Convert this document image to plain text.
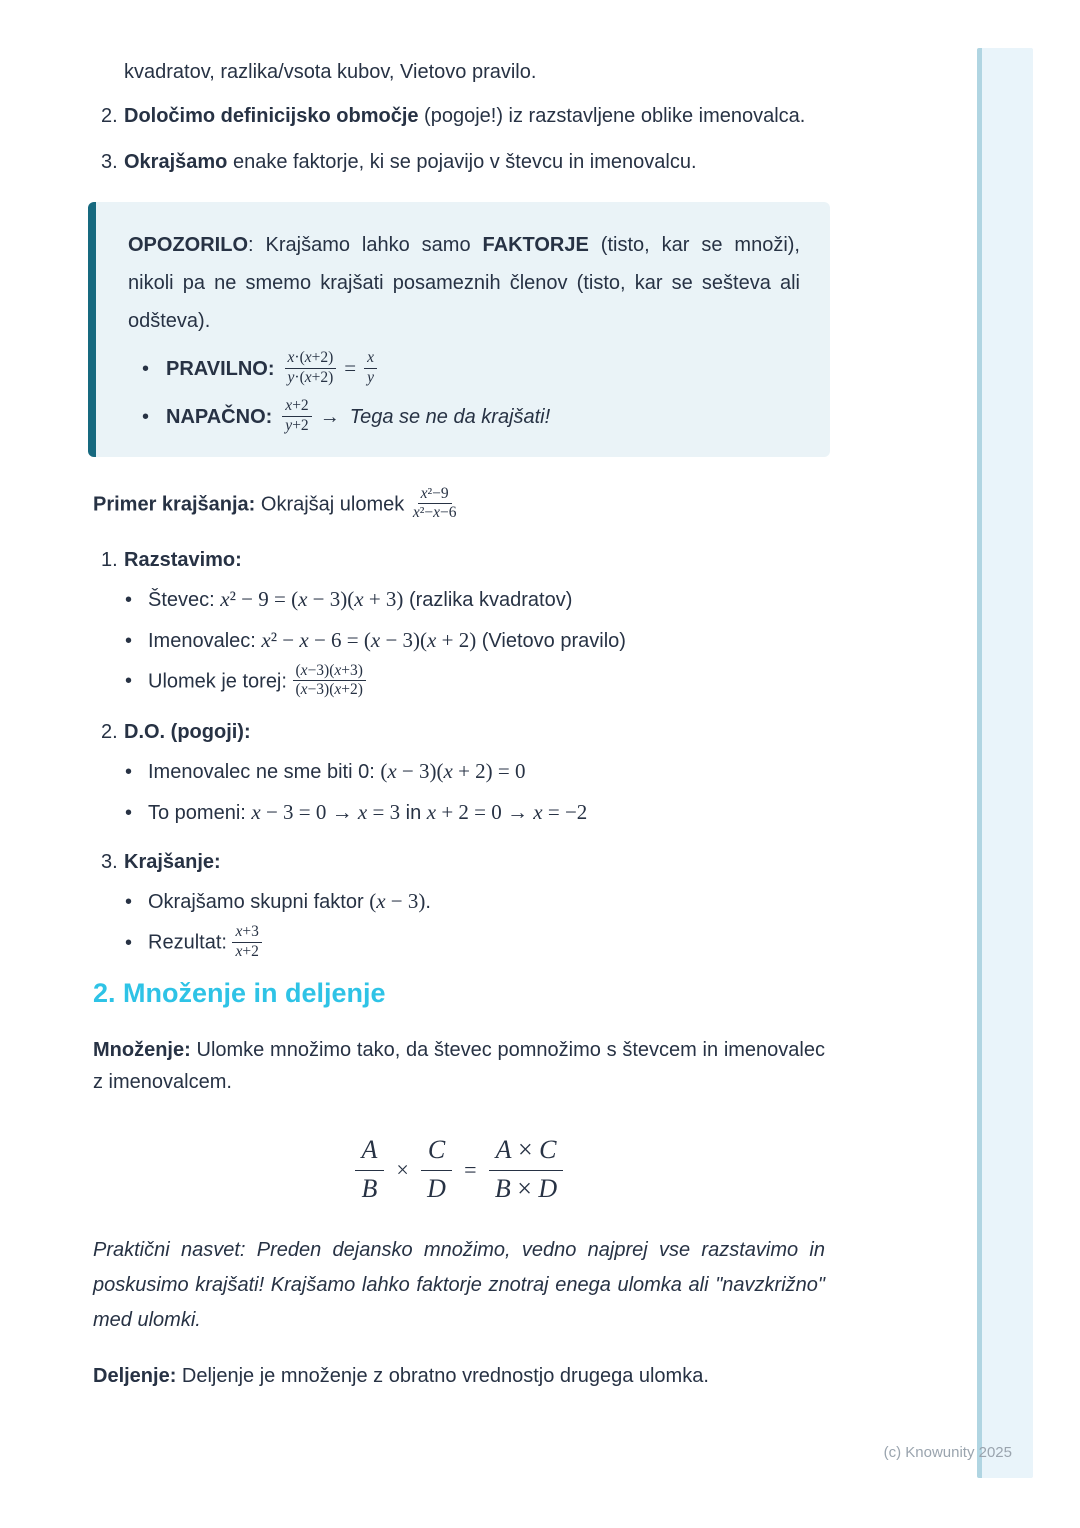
kvadratov, razlika/vsota kubov, Vietovo pravilo.
2. Določimo definicijsko območje (pogoje!) iz razstavljene oblike imenovalca.
3. Okrajšamo enake faktorje, ki se pojavijo v števcu in imenovalcu.

OPOZORILO: Krajšamo lahko samo FAKTORJE (tisto, kar se množi), nikoli pa ne smemo krajšati posameznih členov (tisto, kar se sešteva ali odšteva).

• PRAVILNO: $\frac{x\cdot(x+2)}{y\cdot(x+2)} = \frac{x}{y}$
• NAPAČNO: $\frac{x+2}{y+2}$ → Tega se ne da krajšati!

Primer krajšanja: Okrajšaj ulomek $\frac{\text{x²−9}}{\text{x²−x−6}}$

1. Razstavimo:
• Števec: x² − 9 = (x − 3)(x + 3) (razlika kvadratov)
• Imenovalec: x² − x − 6 = (x − 3)(x + 2) (Vietovo pravilo)
• Ulomek je torej: $\frac{(x-3)(x+3)}{(x-3)(x+2)}$
2. D.O. (pogoji):
• Imenovalec ne sme biti 0: (x − 3)(x + 2) = 0
• To pomeni: x − 3 = 0 → x = 3 in x + 2 = 0 → x = −2
3. Krajšanje:
• Okrajšamo skupni faktor (x − 3).
• Rezultat: $\frac{x+3}{x+2}$
2. Množenje in deljenje

Množenje: Ulomke množimo tako, da števec pomnožimo s števcem in imenovalec z imenovalcem.

$\frac{A}{B} \times \frac{C}{D} = \frac{A \times C}{B \times D}$

Praktični nasvet: Preden dejansko množimo, vedno najprej vse razstavimo in poskusimo krajšati! Krajšamo lahko faktorje znotraj enega ulomka ali "navzkrižno" med ulomki.

Deljenje: Deljenje je množenje z obratno vrednostjo drugega ulomka.

(c) Knowunity 2025
